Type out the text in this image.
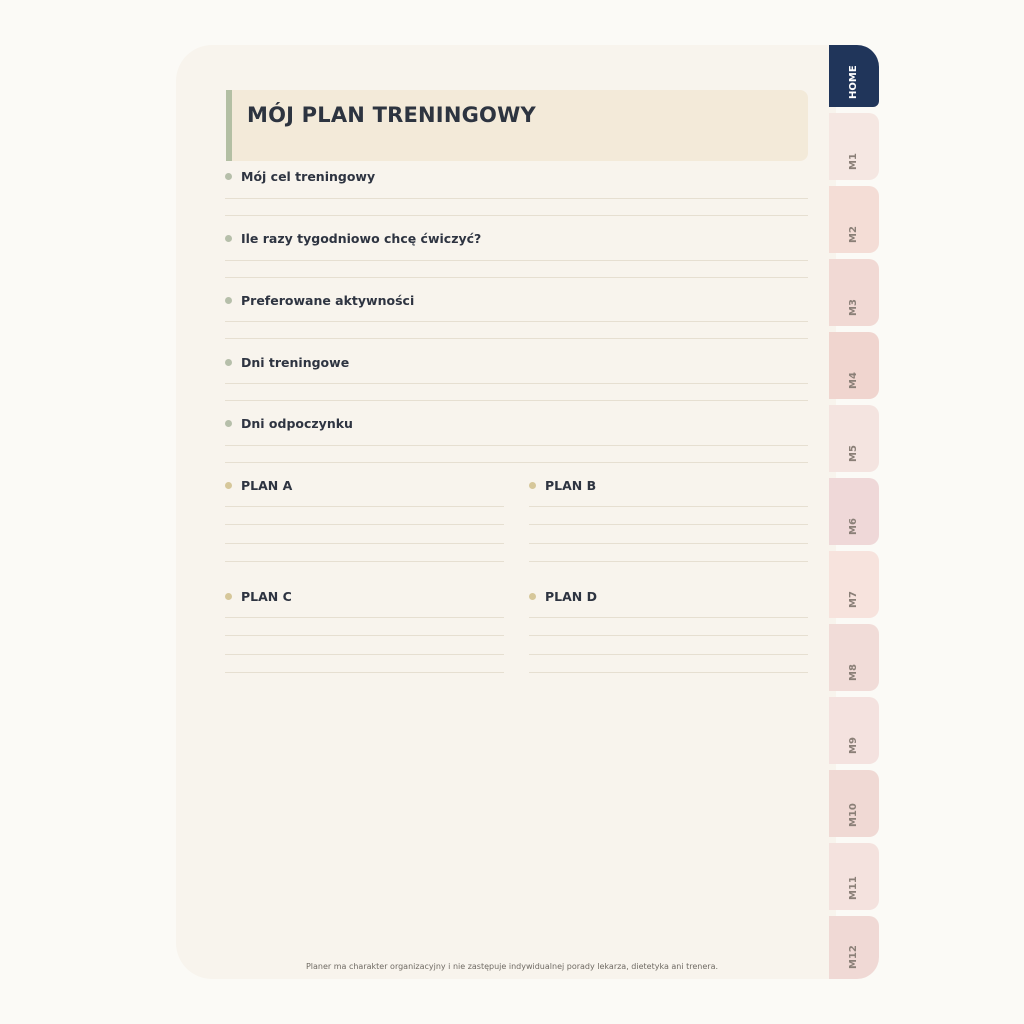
MÓJ PLAN TRENINGOWY
Mój cel treningowy
Ile razy tygodniowo chcę ćwiczyć?
Preferowane aktywności
Dni treningowe
Dni odpoczynku
PLAN A	PLAN B
PLAN C	PLAN D
Planer ma charakter organizacyjny i nie zastępuje indywidualnej porady lekarza, dietetyka ani trenera.
HOME
M1
M2
M3
M4
M5
M6
M7
M8
M9
M10
M11
M12
